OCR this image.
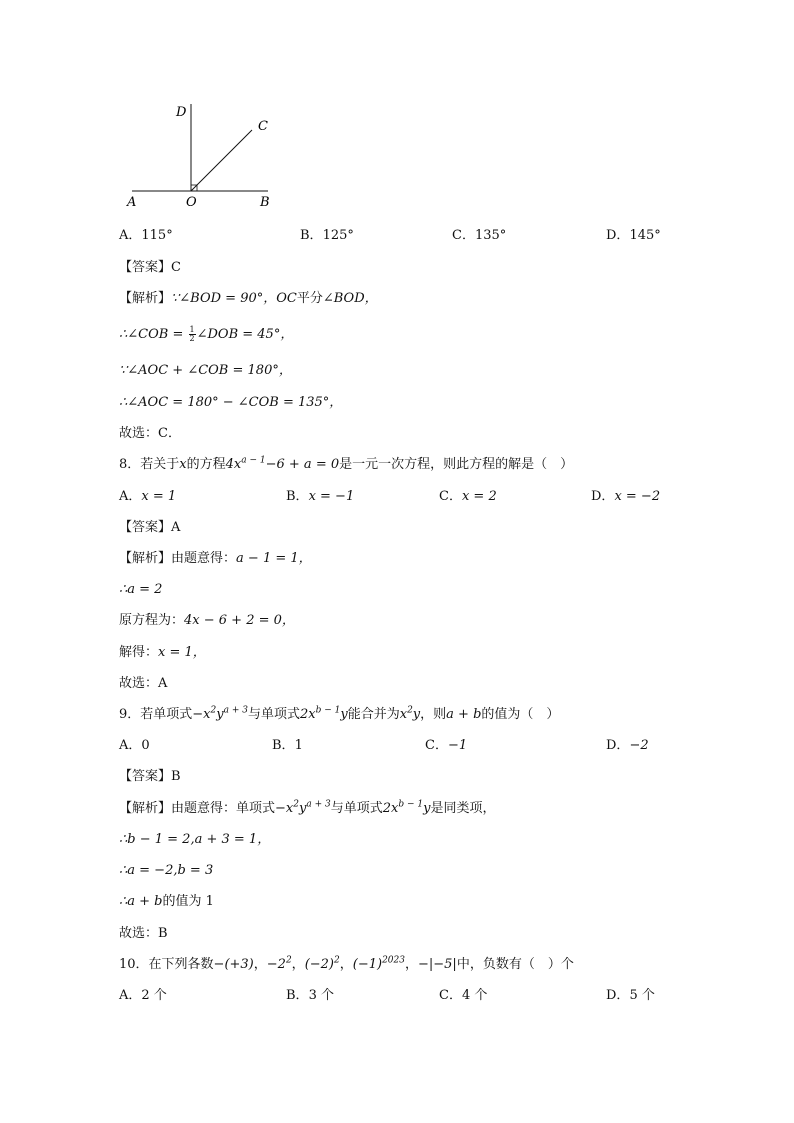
D
C
A	O	B
A．115°	B．125°	C．135°	D．145°
【答案】C
【解析】∵∠BOD = 90°，OC平分∠BOD，
∴∠COB = $\frac{1}{2}$ ∠DOB = 45°，
∵∠AOC + ∠COB = 180°，
∴∠AOC = 180° − ∠COB = 135°，
故选：C．
8．若关于x的方程$4x^{a - 1}-6 + a = 0$是一元一次方程，则此方程的解是（　）
A．x = 1	B．x = −1	C．x = 2	D．x = −2
【答案】A
【解析】由题意得：a − 1 = 1，
∴a = 2
原方程为：4x − 6 + 2 = 0，
解得：x = 1，
故选：A
9．若单项式$-x^2y^{a + 3}$与单项式$2x^{b - 1}y$能合并为$x^2y$，则a + b的值为（　）
A．0	B．1	C．−1	D．−2
【答案】B
【解析】由题意得：单项式$-x^2y^{a + 3}$与单项式$2x^{b - 1}y$是同类项，
∴b − 1 = 2,a + 3 = 1，
∴a = −2,b = 3
∴a + b的值为 1
故选：B
10．在下列各数−(+3)，$-2^2$，$(-2)^2$，$(-1)^{2023}$，−|−5|中，负数有（　）个
A．2 个	B．3 个	C．4 个	D．5 个
